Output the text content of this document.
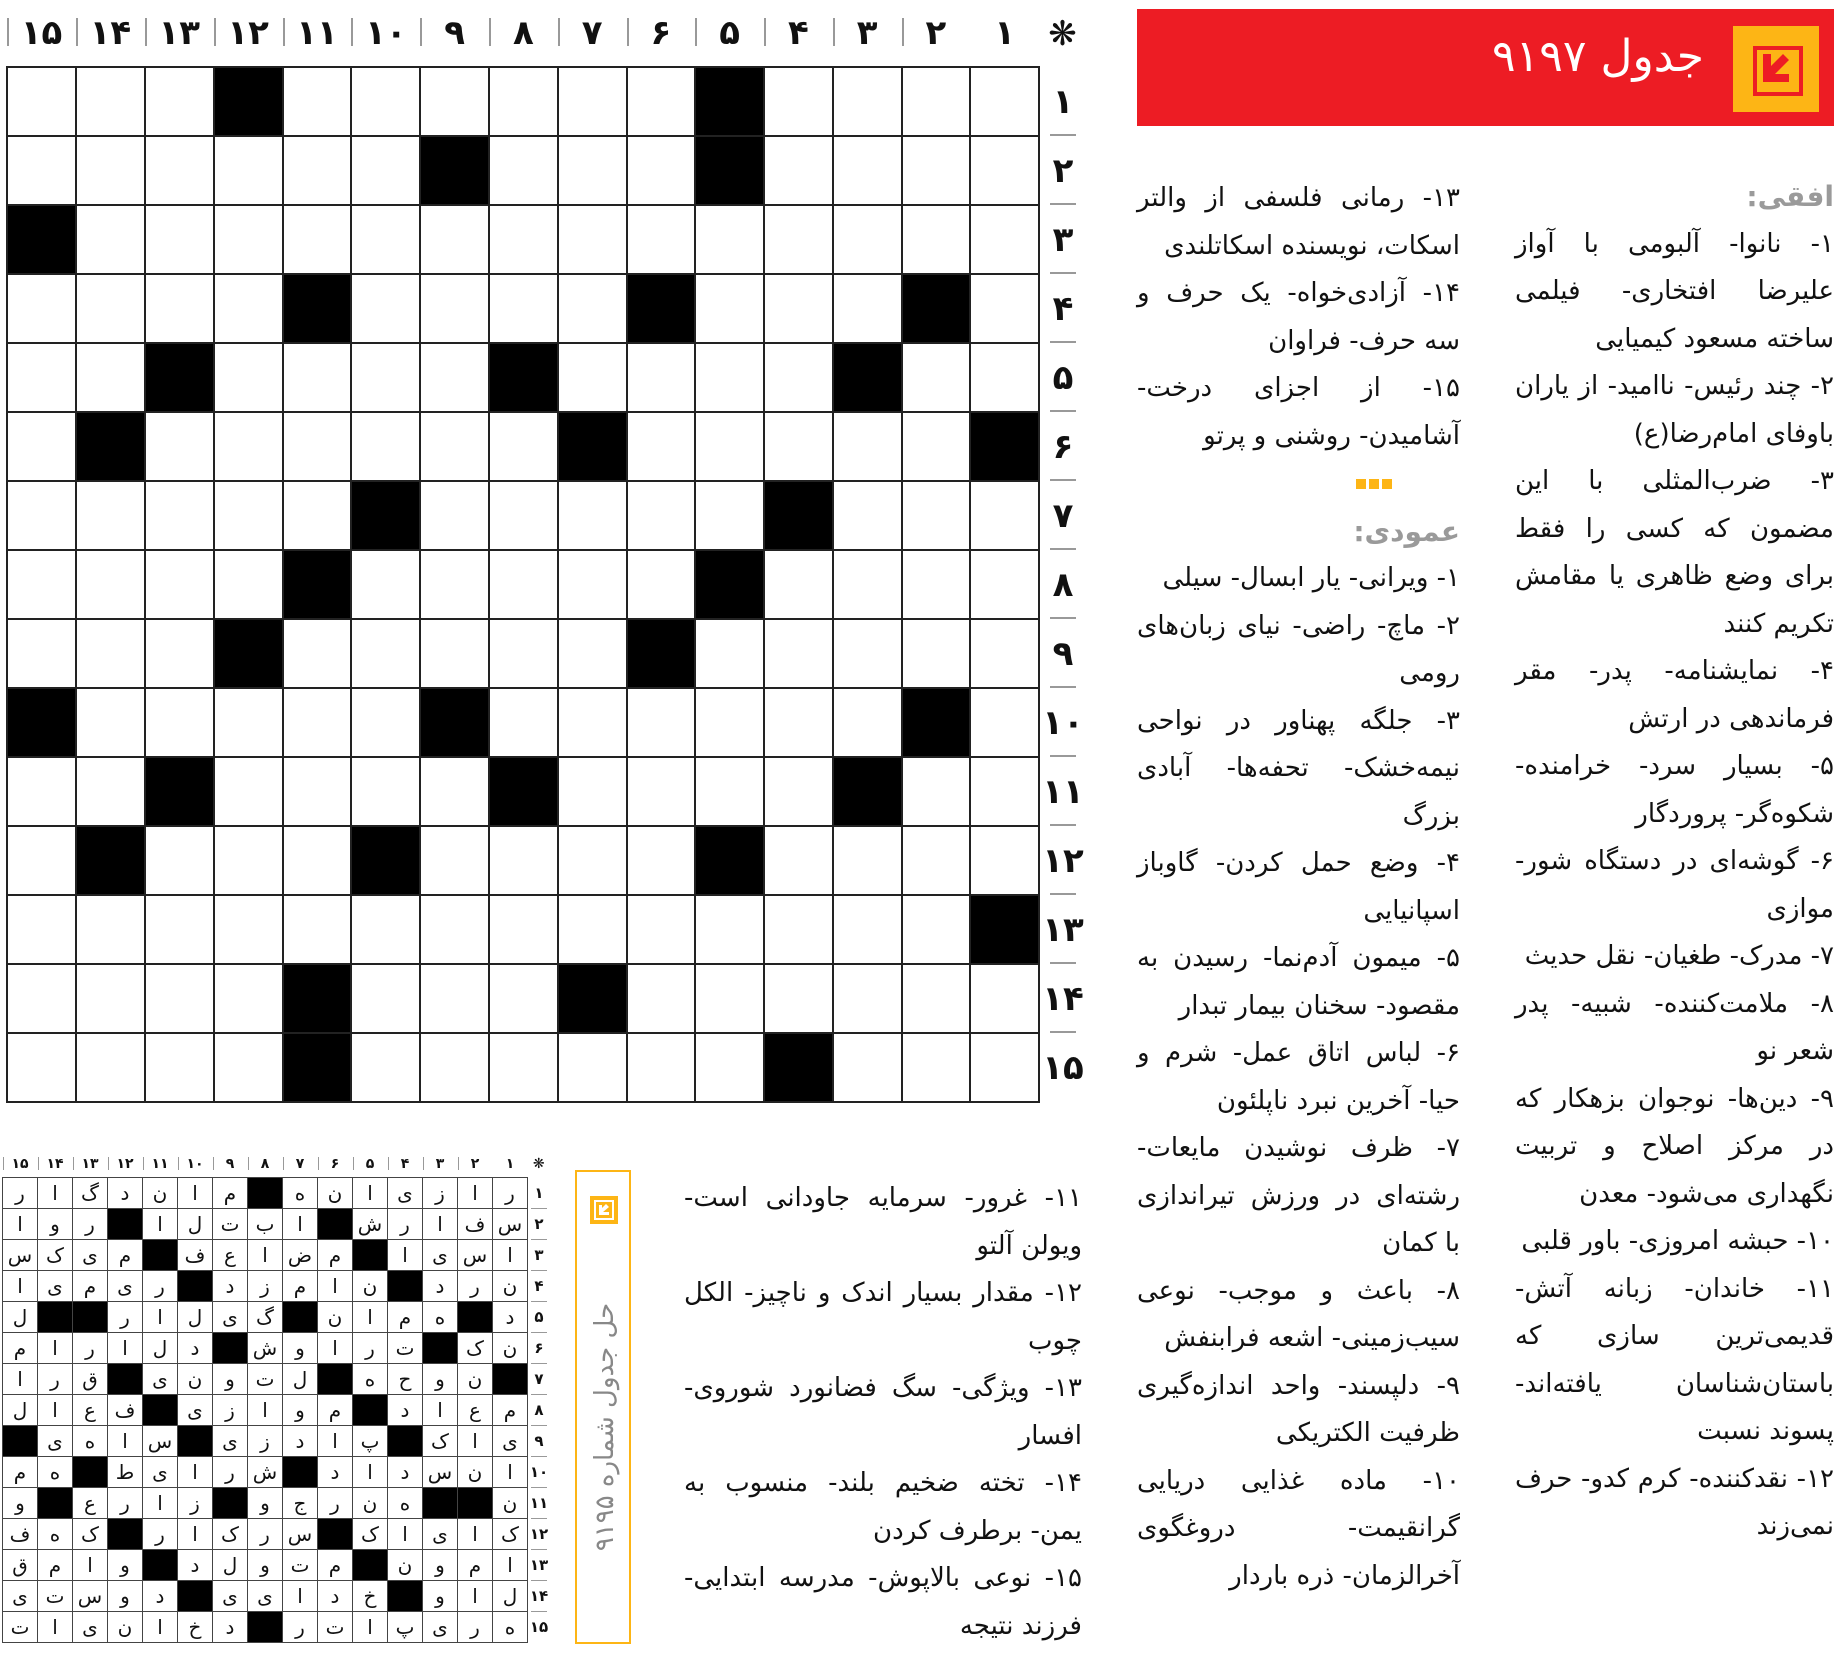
❋	۱	۲	۳	۴	۵	۶	۷	۸	۹	۱۰	۱۱	۱۲	۱۳	۱۴	۱۵
۱															
۲															
۳															
۴															
۵															
۶															
۷															
۸															
۹															
۱۰															
۱۱															
۱۲															
۱۳															
۱۴															
۱۵															
جدول ۹۱۹۷
افقی:
۱- نانوا- آلبومی با آواز علیرضا افتخاری- فیلمی ساخته مسعود کیمیایی
۲- چند رئیس- ناامید- از یاران باوفای امام‌رضا(ع)
۳- ضرب‌المثلی با این مضمون که کسی را فقط برای وضع ظاهری یا مقامش تکریم کنند
۴- نمایشنامه- پدر- مقر فرماندهی در ارتش
۵- بسیار سرد- خرامنده- شکوه‌گر- پروردگار
۶- گوشه‌ای در دستگاه شور- موازی
۷- مدرک- طغیان- نقل حدیث
۸- ملامت‌کننده- شبیه- پدر شعر نو
۹- دین‌ها- نوجوان بزهکار که در مرکز اصلاح و تربیت نگهداری می‌شود- معدن
۱۰- حبشه امروزی- باور قلبی
۱۱- خاندان- زبانه آتش- قدیمی‌ترین سازی که باستان‌شناسان یافته‌اند- پسوند نسبت
۱۲- نقدکننده- کرم کدو- حرف نمی‌زند
۱۳- رمانی فلسفی از والتر اسکات، نویسنده اسکاتلندی
۱۴- آزادی‌خواه- یک حرف و سه حرف- فراوان
۱۵- از اجزای درخت- آشامیدن- روشنی و پرتو
عمودی:
۱- ویرانی- یار ابسال- سیلی
۲- ماچ- راضی- نیای زبان‌های رومی
۳- جلگه پهناور در نواحی نیمه‌خشک- تحفه‌ها- آبادی بزرگ
۴- وضع حمل کردن- گاوباز اسپانیایی
۵- میمون آدم‌نما- رسیدن به مقصود- سخنان بیمار تبدار
۶- لباس اتاق عمل- شرم و حیا- آخرین نبرد ناپلئون
۷- ظرف نوشیدن مایعات- رشته‌ای در ورزش تیراندازی با کمان
۸- باعث و موجب- نوعی سیب‌زمینی- اشعه فرابنفش
۹- دلپسند- واحد اندازه‌گیری ظرفیت الکتریکی
۱۰- ماده غذایی دریایی گرانقیمت- دروغگوی آخرالزمان- ذره باردار
۱۱- غرور- سرمایه جاودانی است- ویولن آلتو
۱۲- مقدار بسیار اندک و ناچیز- الکل چوب
۱۳- ویژگی- سگ فضانورد شوروی- افسار
۱۴- تخته ضخیم بلند- منسوب به یمن- برطرف کردن
۱۵- نوعی بالاپوش- مدرسه ابتدایی- فرزند نتیجه
❋	۱	۲	۳	۴	۵	۶	۷	۸	۹	۱۰	۱۱	۱۲	۱۳	۱۴	۱۵
۱	ر	ا	ز	ی	ا	ن	ه		م	ا	ن	د	گ	ا	ر
۲	س	ف	ا	ر	ش		ا	ب	ت	ل	ا		ر	و	ا
۳	ا	س	ی	ا		م	ض	ا	ع	ف		م	ی	ک	س
۴	ن	ر	د		ن	ا	م	ز	د		ر	ی	م	ی	ا
۵	د		ه	م	ا	ن		گ	ی	ل	ا	ر			ل
۶	ن	ک		ت	ر	ا	و	ش		د	ل	ا	ر	ا	م
۷		ن	و	ح	ه		ل	ت	و	ن	ی		ق	ر	ا
۸	م	ع	ا	د		م	و	ا	ز	ی		ف	ع	ا	ل
۹	ی	ا	ک		پ	ا	د	ز	ی		س	ا	ه	ی	
۱۰	ا	ن	س	د	ا	د		ش	ر	ا	ی	ط		ه	م
۱۱	ن			ه	ن	ر	ج	و		ز	ا	ر	ع		و
۱۲	ک	ا	ی	ا	ک		س	ر	ک	ا	ر		ک	ه	ف
۱۳	ا	م	و	ن		م	ت	و	ل	د		و	ا	م	ق
۱۴	ل	ا	و		خ	د	ا	ی	ی		د	و	س	ت	ی
۱۵	ه	ر	ی	پ	ا	ت	ر		د	خ	ا	ن	ی	ا	ت
حل جدول شماره ۹۱۹۵
